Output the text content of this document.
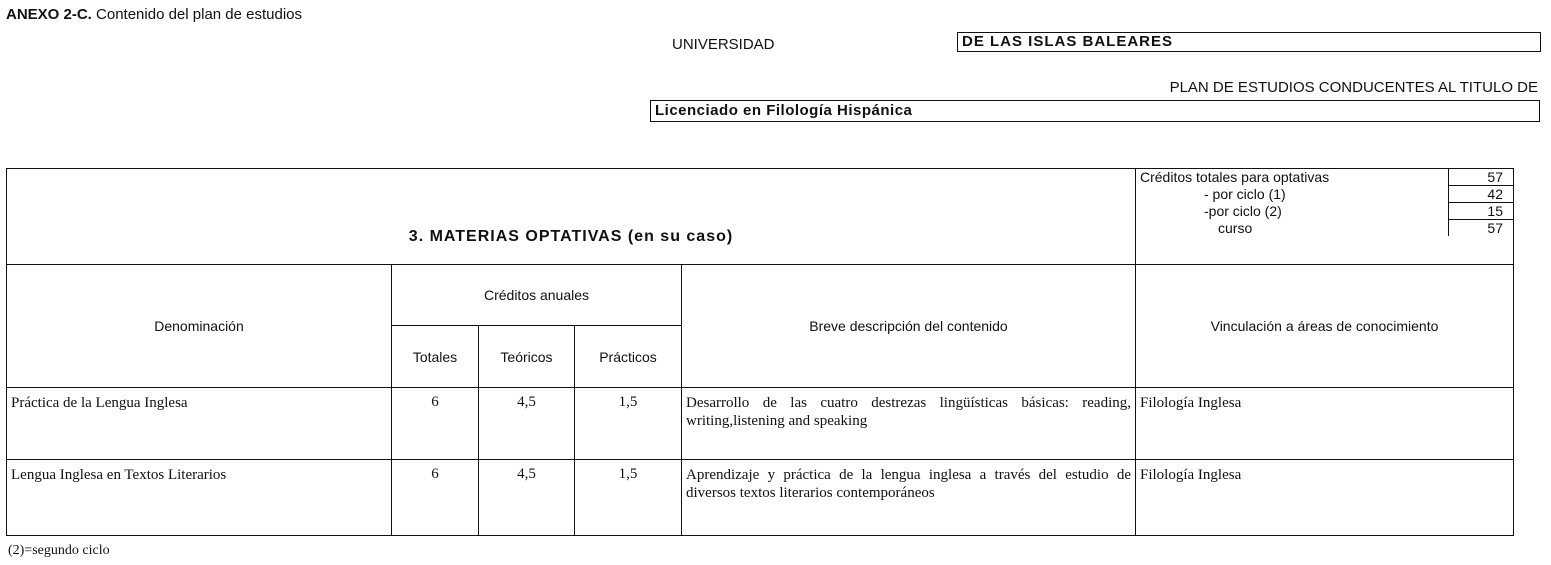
ANEXO 2-C. Contenido del plan de estudios
UNIVERSIDAD	DE LAS ISLAS BALEARES
PLAN DE ESTUDIOS CONDUCENTES AL TITULO DE
Licenciado en Filología Hispánica
3. MATERIAS OPTATIVAS (en su caso)	
Créditos totales para optativas	57
- por ciclo (1)	42
-por ciclo (2)	15
curso	57

Denominación	Créditos anuales	Breve descripción del contenido	Vinculación a áreas de conocimiento
Totales	Teóricos	Prácticos
Práctica de la Lengua Inglesa	6	4,5	1,5	Desarrollo de las cuatro destrezas lingüísticas básicas: reading, writing,listening and speaking	Filología Inglesa
Lengua Inglesa en Textos Literarios	6	4,5	1,5	Aprendizaje y práctica de la lengua inglesa a través del estudio de diversos textos literarios contemporáneos	Filología Inglesa
(2)=segundo ciclo
